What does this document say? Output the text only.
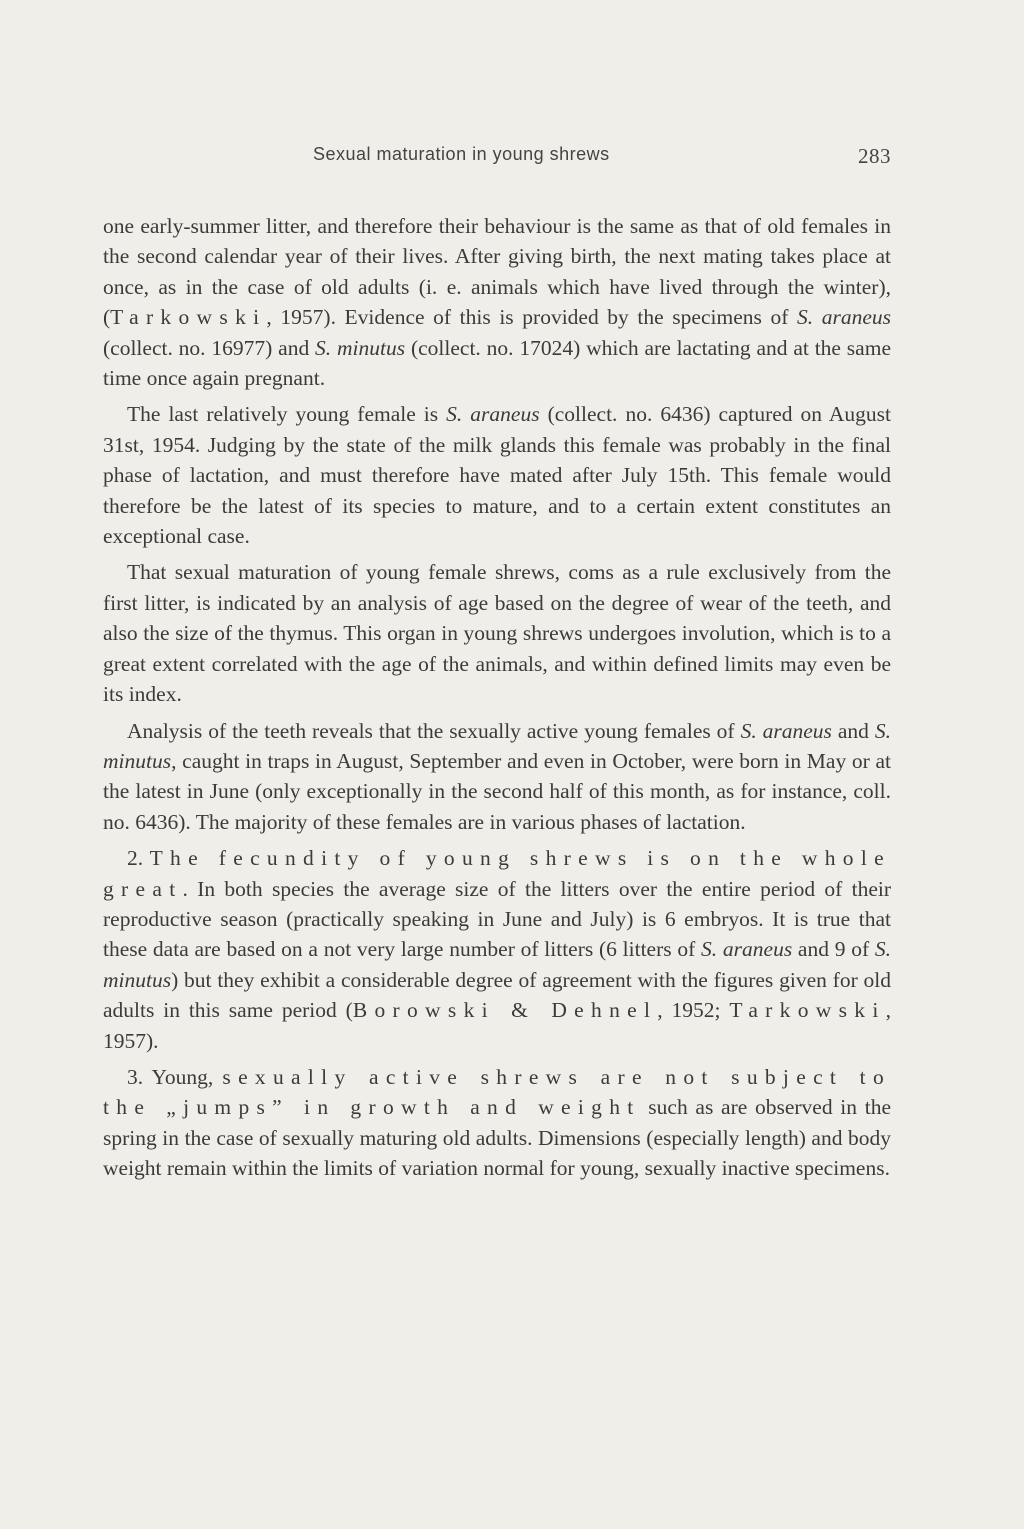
Sexual maturation in young shrews	283

one early-summer litter, and therefore their behaviour is the same as that of old females in the second calendar year of their lives. After giving birth, the next mating takes place at once, as in the case of old adults (i. e. animals which have lived through the winter), (Tarkowski, 1957). Evidence of this is provided by the specimens of S. araneus (collect. no. 16977) and S. minutus (collect. no. 17024) which are lactating and at the same time once again pregnant.

The last relatively young female is S. araneus (collect. no. 6436) captured on August 31st, 1954. Judging by the state of the milk glands this female was probably in the final phase of lactation, and must therefore have mated after July 15th. This female would therefore be the latest of its species to mature, and to a certain extent constitutes an exceptional case.

That sexual maturation of young female shrews, coms as a rule exclusively from the first litter, is indicated by an analysis of age based on the degree of wear of the teeth, and also the size of the thymus. This organ in young shrews undergoes involution, which is to a great extent correlated with the age of the animals, and within defined limits may even be its index.

Analysis of the teeth reveals that the sexually active young females of S. araneus and S. minutus, caught in traps in August, September and even in October, were born in May or at the latest in June (only exceptionally in the second half of this month, as for instance, coll. no. 6436). The majority of these females are in various phases of lactation.

2. The fecundity of young shrews is on the whole great. In both species the average size of the litters over the entire period of their reproductive season (practically speaking in June and July) is 6 embryos. It is true that these data are based on a not very large number of litters (6 litters of S. araneus and 9 of S. minutus) but they exhibit a considerable degree of agreement with the figures given for old adults in this same period (Borowski & Dehnel, 1952; Tarkowski, 1957).

3. Young, sexually active shrews are not subject to the „jumps” in growth and weight such as are observed in the spring in the case of sexually maturing old adults. Dimensions (especially length) and body weight remain within the limits of variation normal for young, sexually inactive specimens.
